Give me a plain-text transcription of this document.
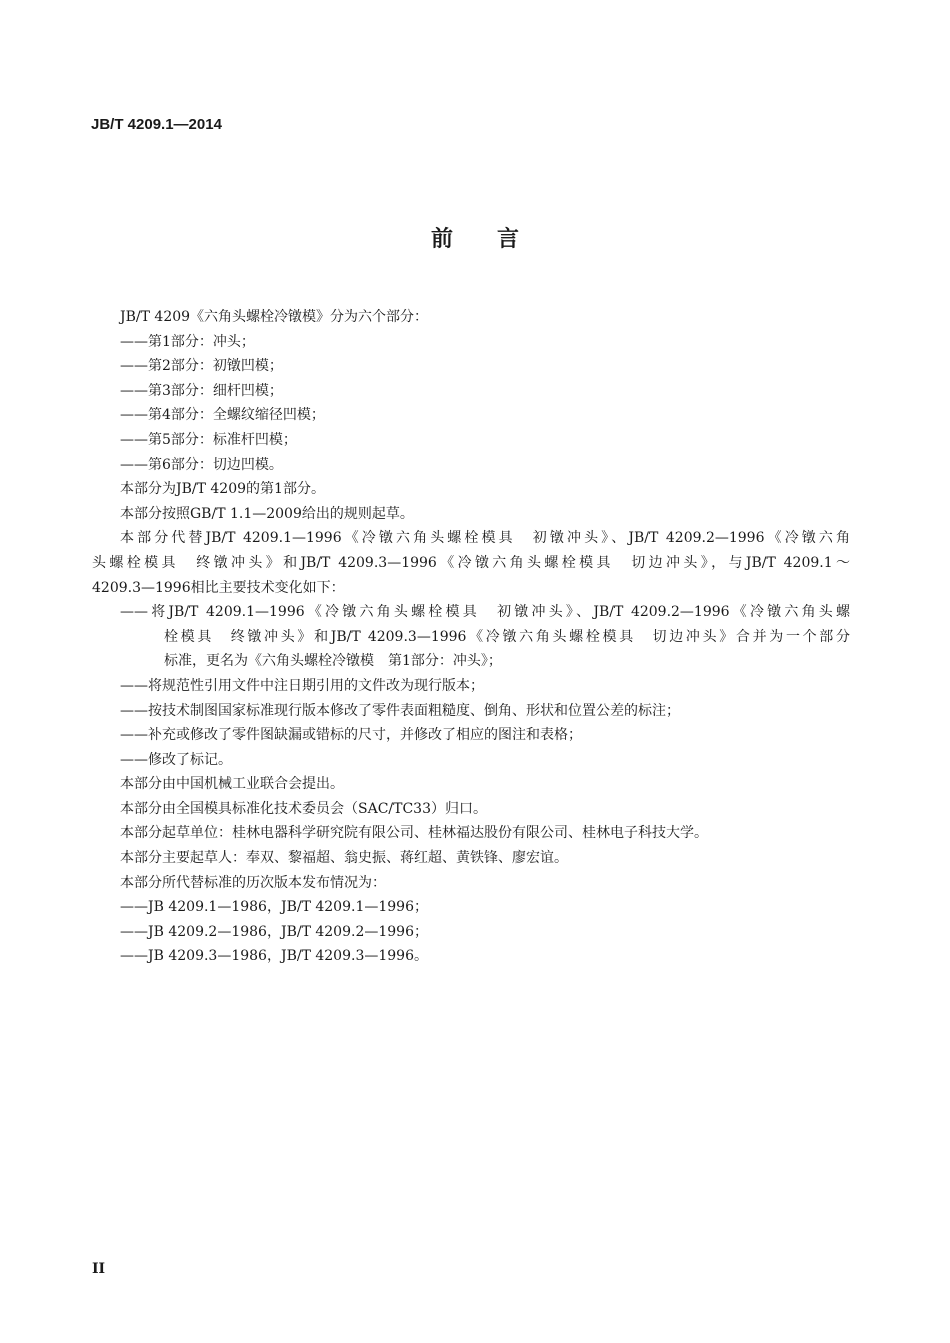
JB/T 4209.1—2014
前言
JB/T 4209《六角头螺栓冷镦模》分为六个部分：
——第1部分：冲头；
——第2部分：初镦凹模；
——第3部分：细杆凹模；
——第4部分：全螺纹缩径凹模；
——第5部分：标准杆凹模；
——第6部分：切边凹模。
本部分为JB/T 4209的第1部分。
本部分按照GB/T 1.1—2009给出的规则起草。
本部分代替JB/T 4209.1—1996《冷镦六角头螺栓模具　初镦冲头》、JB/T 4209.2—1996《冷镦六角
头螺栓模具　终镦冲头》和JB/T 4209.3—1996《冷镦六角头螺栓模具　切边冲头》，与JB/T 4209.1～
4209.3—1996相比主要技术变化如下：
——将JB/T 4209.1—1996《冷镦六角头螺栓模具　初镦冲头》、JB/T 4209.2—1996《冷镦六角头螺
栓模具　终镦冲头》和JB/T 4209.3—1996《冷镦六角头螺栓模具　切边冲头》合并为一个部分
标准，更名为《六角头螺栓冷镦模　第1部分：冲头》；
——将规范性引用文件中注日期引用的文件改为现行版本；
——按技术制图国家标准现行版本修改了零件表面粗糙度、倒角、形状和位置公差的标注；
——补充或修改了零件图缺漏或错标的尺寸，并修改了相应的图注和表格；
——修改了标记。
本部分由中国机械工业联合会提出。
本部分由全国模具标准化技术委员会（SAC/TC33）归口。
本部分起草单位：桂林电器科学研究院有限公司、桂林福达股份有限公司、桂林电子科技大学。
本部分主要起草人：奉双、黎福超、翁史振、蒋红超、黄铁锋、廖宏谊。
本部分所代替标准的历次版本发布情况为：
——JB 4209.1—1986，JB/T 4209.1—1996；
——JB 4209.2—1986，JB/T 4209.2—1996；
——JB 4209.3—1986，JB/T 4209.3—1996。
II
